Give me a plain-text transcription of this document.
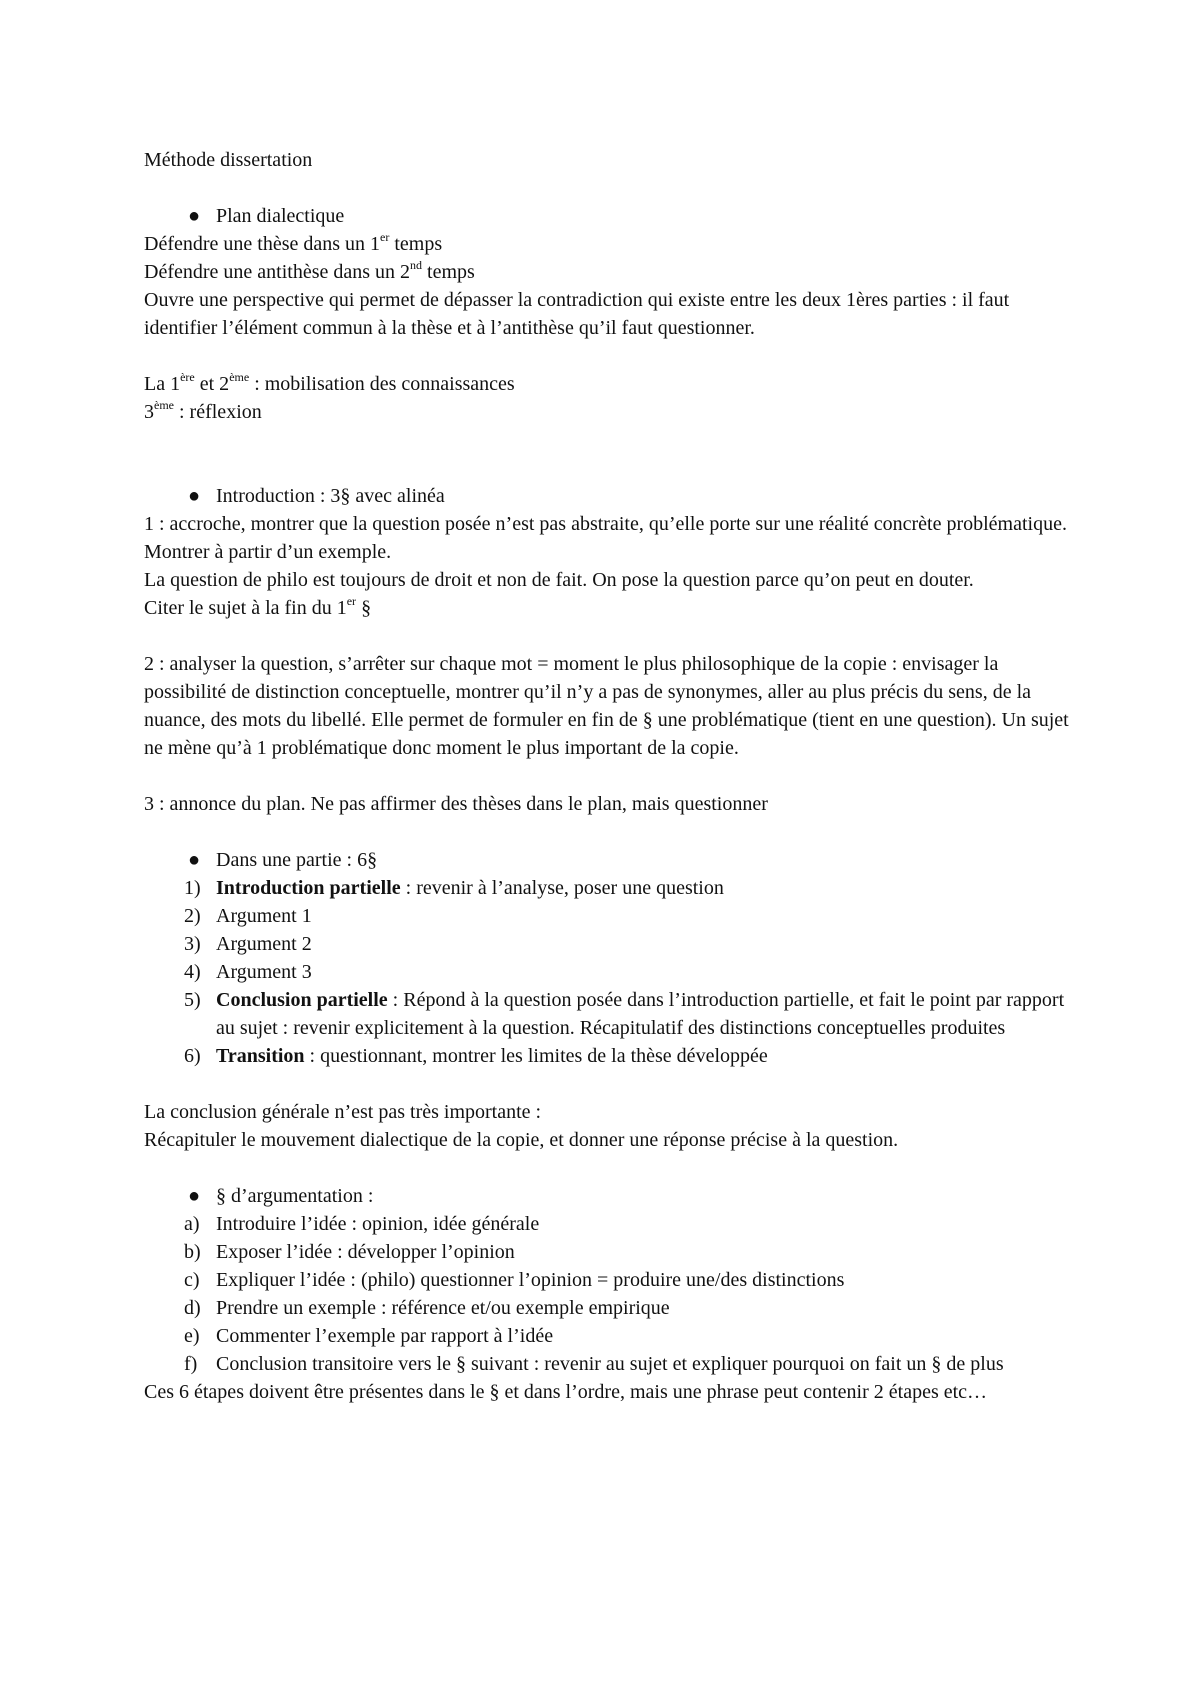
Méthode dissertation

● Plan dialectique

Défendre une thèse dans un 1er temps

Défendre une antithèse dans un 2nd temps

Ouvre une perspective qui permet de dépasser la contradiction qui existe entre les deux 1ères parties : il faut identifier l’élément commun à la thèse et à l’antithèse qu’il faut questionner.

La 1ère et 2ème : mobilisation des connaissances

3ème : réflexion

● Introduction : 3§ avec alinéa

1 : accroche, montrer que la question posée n’est pas abstraite, qu’elle porte sur une réalité concrète problématique. Montrer à partir d’un exemple.

La question de philo est toujours de droit et non de fait. On pose la question parce qu’on peut en douter.

Citer le sujet à la fin du 1er §

2 : analyser la question, s’arrêter sur chaque mot = moment le plus philosophique de la copie : envisager la possibilité de distinction conceptuelle, montrer qu’il n’y a pas de synonymes, aller au plus précis du sens, de la nuance, des mots du libellé. Elle permet de formuler en fin de § une problématique (tient en une question). Un sujet ne mène qu’à 1 problématique donc moment le plus important de la copie.

3 : annonce du plan. Ne pas affirmer des thèses dans le plan, mais questionner

● Dans une partie : 6§

1) Introduction partielle : revenir à l’analyse, poser une question

2) Argument 1

3) Argument 2

4) Argument 3

5) Conclusion partielle : Répond à la question posée dans l’introduction partielle, et fait le point par rapport au sujet : revenir explicitement à la question. Récapitulatif des distinctions conceptuelles produites

6) Transition : questionnant, montrer les limites de la thèse développée

La conclusion générale n’est pas très importante :

Récapituler le mouvement dialectique de la copie, et donner une réponse précise à la question.

● § d’argumentation :

a) Introduire l’idée : opinion, idée générale

b) Exposer l’idée : développer l’opinion

c) Expliquer l’idée : (philo) questionner l’opinion = produire une/des distinctions

d) Prendre un exemple : référence et/ou exemple empirique

e) Commenter l’exemple par rapport à l’idée

f) Conclusion transitoire vers le § suivant : revenir au sujet et expliquer pourquoi on fait un § de plus

Ces 6 étapes doivent être présentes dans le § et dans l’ordre, mais une phrase peut contenir 2 étapes etc…
